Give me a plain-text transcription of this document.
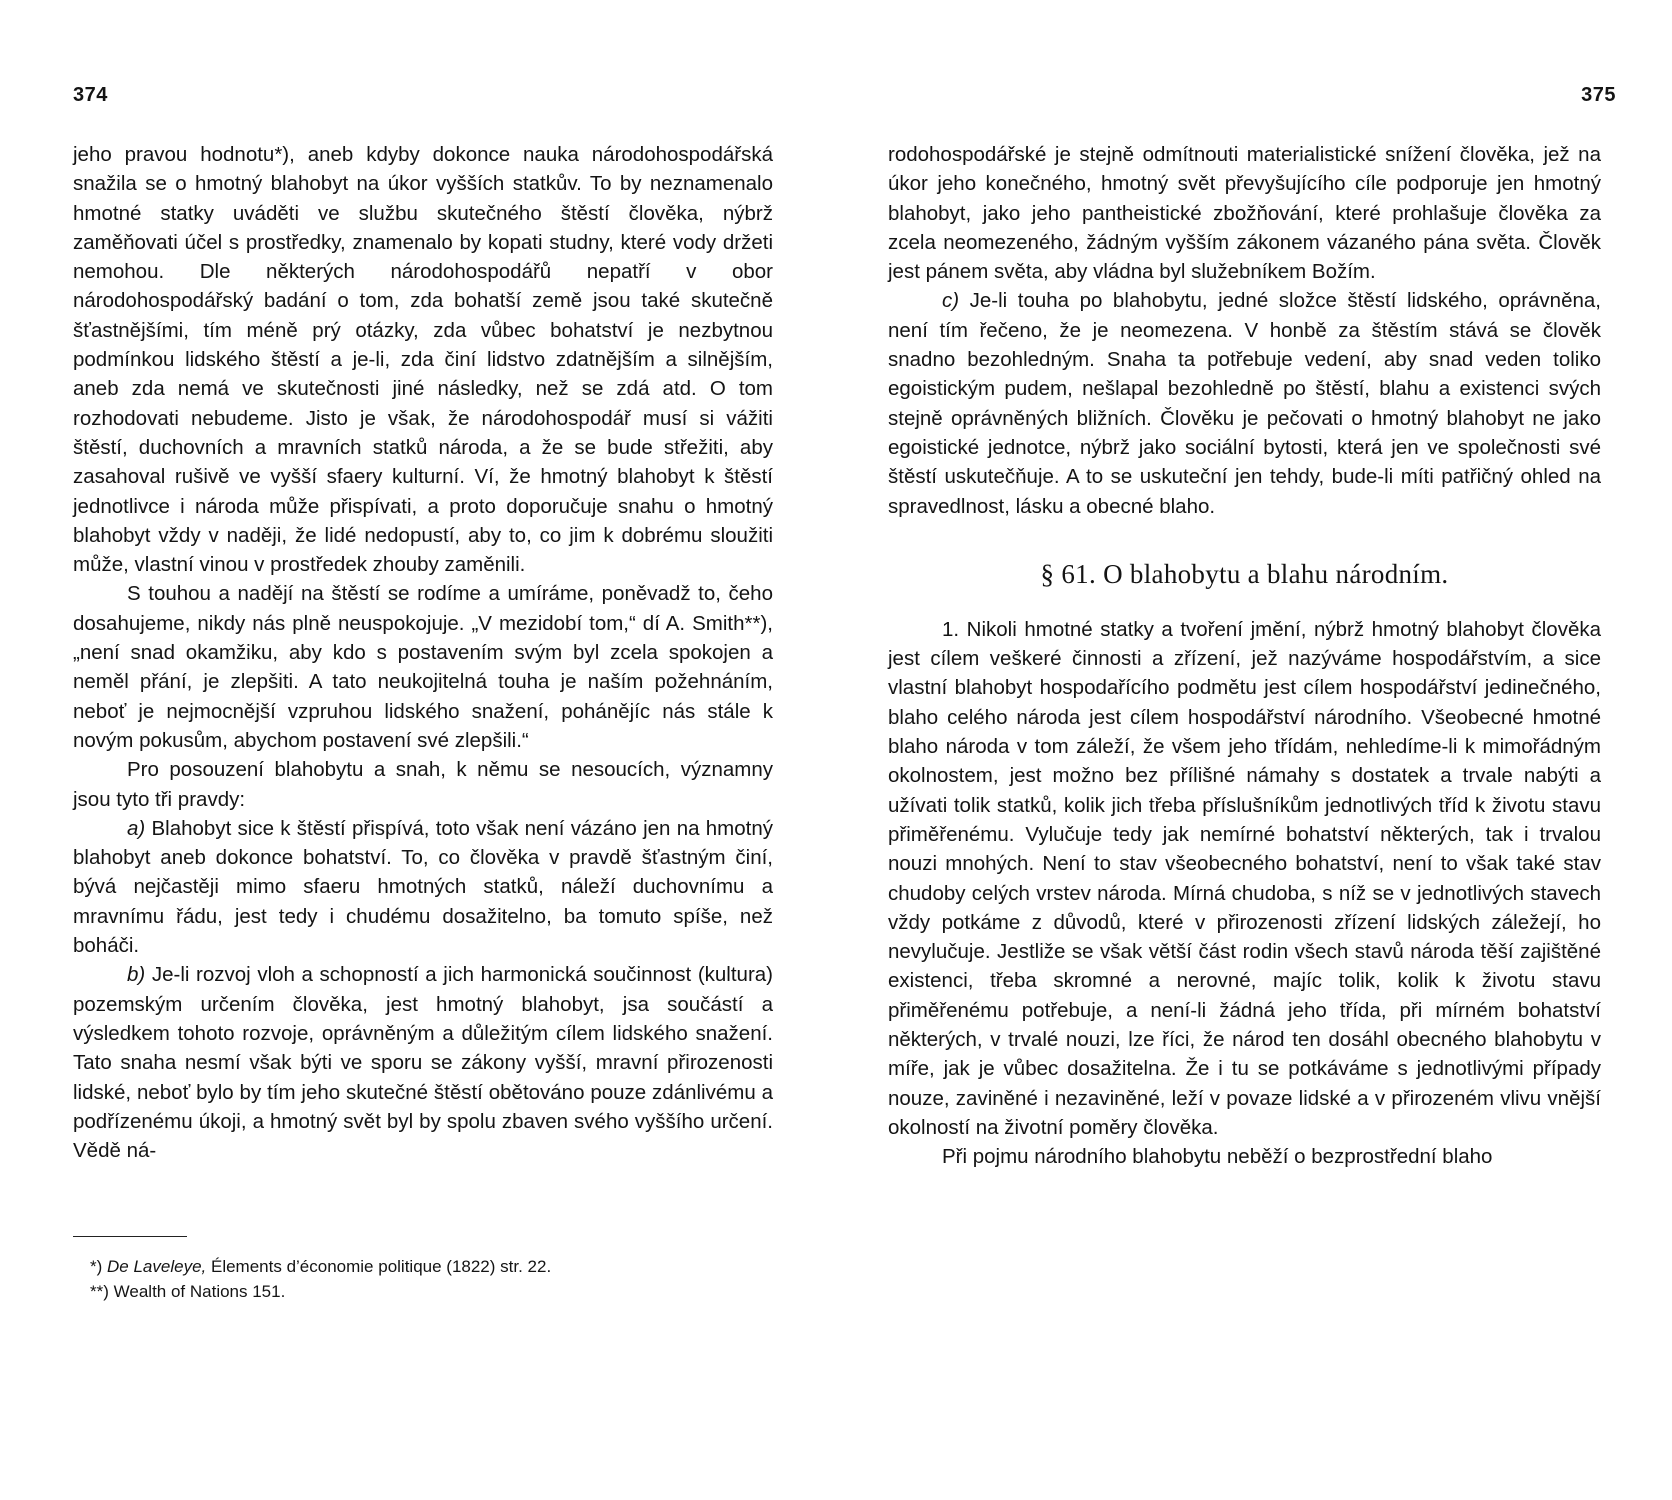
374

jeho pravou hodnotu*), aneb kdyby dokonce nauka národohospodářská snažila se o hmotný blahobyt na úkor vyšších statkův. To by neznamenalo hmotné statky uváděti ve službu skutečného štěstí člověka, nýbrž zaměňovati účel s prostředky, znamenalo by kopati studny, které vody držeti nemohou. Dle některých národohospodářů nepatří v obor národohospodářský badání o tom, zda bohatší země jsou také skutečně šťastnějšími, tím méně prý otázky, zda vůbec bohatství je nezbytnou podmínkou lidského štěstí a je-li, zda činí lidstvo zdatnějším a silnějším, aneb zda nemá ve skutečnosti jiné následky, než se zdá atd. O tom rozhodovati nebudeme. Jisto je však, že národohospodář musí si vážiti štěstí, duchovních a mravních statků národa, a že se bude střežiti, aby zasahoval rušivě ve vyšší sfaery kulturní. Ví, že hmotný blahobyt k štěstí jednotlivce i národa může přispívati, a proto doporučuje snahu o hmotný blahobyt vždy v naději, že lidé nedopustí, aby to, co jim k dobrému sloužiti může, vlastní vinou v prostředek zhouby zaměnili.

S touhou a nadějí na štěstí se rodíme a umíráme, poněvadž to, čeho dosahujeme, nikdy nás plně neuspokojuje. „V mezidobí tom,“ dí A. Smith**), „není snad okamžiku, aby kdo s postavením svým byl zcela spokojen a neměl přání, je zlepšiti. A tato neukojitelná touha je naším požehnáním, neboť je nejmocnější vzpruhou lidského snažení, pohánějíc nás stále k novým pokusům, abychom postavení své zlepšili.“

Pro posouzení blahobytu a snah, k němu se nesoucích, významny jsou tyto tři pravdy:

a) Blahobyt sice k štěstí přispívá, toto však není vázáno jen na hmotný blahobyt aneb dokonce bohatství. To, co člověka v pravdě šťastným činí, bývá nejčastěji mimo sfaeru hmotných statků, náleží duchovnímu a mravnímu řádu, jest tedy i chudému dosažitelno, ba tomuto spíše, než boháči.

b) Je-li rozvoj vloh a schopností a jich harmonická součinnost (kultura) pozemským určením člověka, jest hmotný blahobyt, jsa součástí a výsledkem tohoto rozvoje, oprávněným a důležitým cílem lidského snažení. Tato snaha nesmí však býti ve sporu se zákony vyšší, mravní přirozenosti lidské, neboť bylo by tím jeho skutečné štěstí obětováno pouze zdánlivému a podřízenému úkoji, a hmotný svět byl by spolu zbaven svého vyššího určení. Vědě ná-

*) De Laveleye, Élements d’économie politique (1822) str. 22.

**) Wealth of Nations 151.

375

rodohospodářské je stejně odmítnouti materialistické snížení člověka, jež na úkor jeho konečného, hmotný svět převyšujícího cíle podporuje jen hmotný blahobyt, jako jeho pantheistické zbožňování, které prohlašuje člověka za zcela neomezeného, žádným vyšším zákonem vázaného pána světa. Člověk jest pánem světa, aby vládna byl služebníkem Božím.

c) Je-li touha po blahobytu, jedné složce štěstí lidského, oprávněna, není tím řečeno, že je neomezena. V honbě za štěstím stává se člověk snadno bezohledným. Snaha ta potřebuje vedení, aby snad veden toliko egoistickým pudem, nešlapal bezohledně po štěstí, blahu a existenci svých stejně oprávněných bližních. Člověku je pečovati o hmotný blahobyt ne jako egoistické jednotce, nýbrž jako sociální bytosti, která jen ve společnosti své štěstí uskutečňuje. A to se uskuteční jen tehdy, bude-li míti patřičný ohled na spravedlnost, lásku a obecné blaho.

§ 61. O blahobytu a blahu národním.

1. Nikoli hmotné statky a tvoření jmění, nýbrž hmotný blahobyt člověka jest cílem veškeré činnosti a zřízení, jež nazýváme hospodářstvím, a sice vlastní blahobyt hospodařícího podmětu jest cílem hospodářství jedinečného, blaho celého národa jest cílem hospodářství národního. Všeobecné hmotné blaho národa v tom záleží, že všem jeho třídám, nehledíme-li k mimořádným okolnostem, jest možno bez přílišné námahy s dostatek a trvale nabýti a užívati tolik statků, kolik jich třeba příslušníkům jednotlivých tříd k životu stavu přiměřenému. Vylučuje tedy jak nemírné bohatství některých, tak i trvalou nouzi mnohých. Není to stav všeobecného bohatství, není to však také stav chudoby celých vrstev národa. Mírná chudoba, s níž se v jednotlivých stavech vždy potkáme z důvodů, které v přirozenosti zřízení lidských záležejí, ho nevylučuje. Jestliže se však větší část rodin všech stavů národa těší zajištěné existenci, třeba skromné a nerovné, majíc tolik, kolik k životu stavu přiměřenému potřebuje, a není-li žádná jeho třída, při mírném bohatství některých, v trvalé nouzi, lze říci, že národ ten dosáhl obecného blahobytu v míře, jak je vůbec dosažitelna. Že i tu se potkáváme s jednotlivými případy nouze, zaviněné i nezaviněné, leží v povaze lidské a v přirozeném vlivu vnější okolností na životní poměry člověka.

Při pojmu národního blahobytu neběží o bezprostřední blaho
